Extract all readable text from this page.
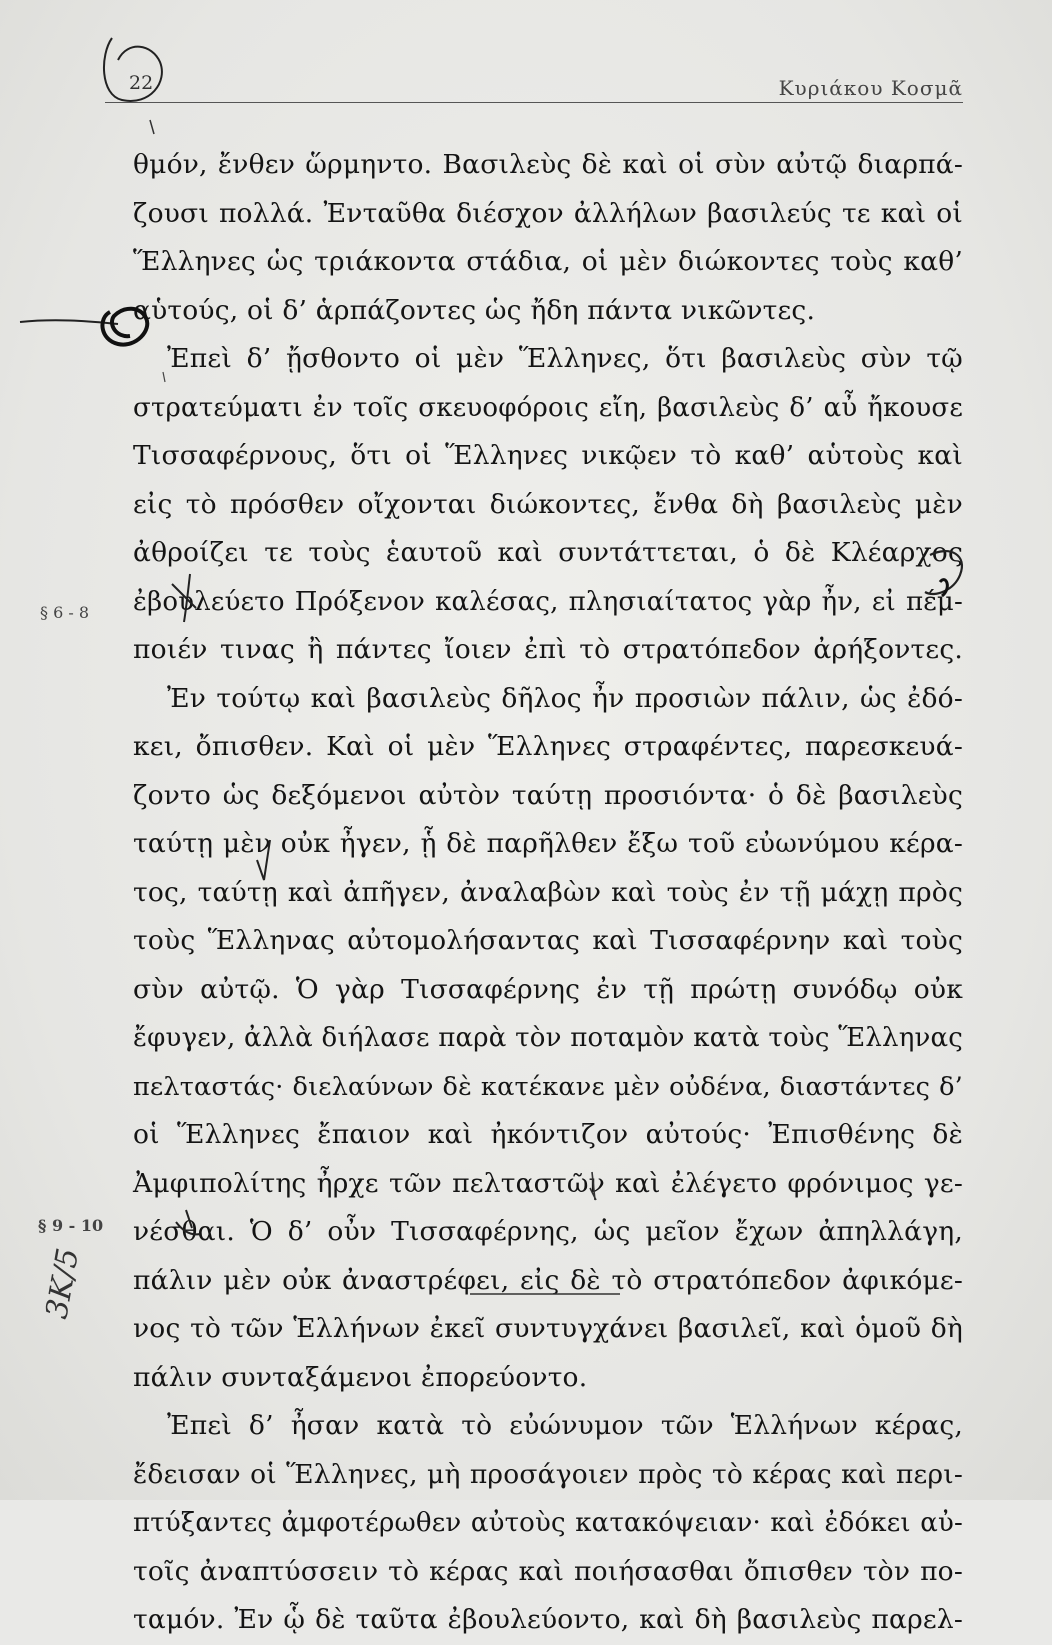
22	Κυριάκου Κοσμᾶ
§ 6 - 8
§ 9 - 10
θμόν, ἔνθεν ὥρμηντο. Βασιλεὺς δὲ καὶ οἱ σὺν αὐτῷ διαρπά-
ζουσι πολλά. Ἐνταῦθα διέσχον ἀλλήλων βασιλεύς τε καὶ οἱ
Ἕλληνες ὡς τριάκοντα στάδια, οἱ μὲν διώκοντες τοὺς καθ’
αὑτούς, οἱ δ’ ἁρπάζοντες ὡς ἤδη πάντα νικῶντες.
Ἐπεὶ δ’ ᾔσθοντο οἱ μὲν Ἕλληνες, ὅτι βασιλεὺς σὺν τῷ
στρατεύματι ἐν τοῖς σκευοφόροις εἴη, βασιλεὺς δ’ αὖ ἤκουσε
Τισσαφέρνους, ὅτι οἱ Ἕλληνες νικῷεν τὸ καθ’ αὑτοὺς καὶ
εἰς τὸ πρόσθεν οἴχονται διώκοντες, ἔνθα δὴ βασιλεὺς μὲν
ἀθροίζει τε τοὺς ἑαυτοῦ καὶ συντάττεται, ὁ δὲ Κλέαρχος
ἐβουλεύετο Πρόξενον καλέσας, πλησιαίτατος γὰρ ἦν, εἰ πέμ-
ποιέν τινας ἢ πάντες ἴοιεν ἐπὶ τὸ στρατόπεδον ἀρήξοντες.
Ἐν τούτῳ καὶ βασιλεὺς δῆλος ἦν προσιὼν πάλιν, ὡς ἐδό-
κει, ὄπισθεν. Καὶ οἱ μὲν Ἕλληνες στραφέντες, παρεσκευά-
ζοντο ὡς δεξόμενοι αὐτὸν ταύτῃ προσιόντα· ὁ δὲ βασιλεὺς
ταύτῃ μὲν οὐκ ἦγεν, ᾗ δὲ παρῆλθεν ἔξω τοῦ εὐωνύμου κέρα-
τος, ταύτῃ καὶ ἀπῆγεν, ἀναλαβὼν καὶ τοὺς ἐν τῇ μάχῃ πρὸς
τοὺς Ἕλληνας αὐτομολήσαντας καὶ Τισσαφέρνην καὶ τοὺς
σὺν αὐτῷ. Ὁ γὰρ Τισσαφέρνης ἐν τῇ πρώτῃ συνόδῳ οὐκ
ἔφυγεν, ἀλλὰ διήλασε παρὰ τὸν ποταμὸν κατὰ τοὺς Ἕλληνας
πελταστάς· διελαύνων δὲ κατέκανε μὲν οὐδένα, διαστάντες δ’
οἱ Ἕλληνες ἔπαιον καὶ ἠκόντιζον αὐτούς· Ἐπισθένης δὲ
Ἀμφιπολίτης ἦρχε τῶν πελταστῶν καὶ ἐλέγετο φρόνιμος γε-
νέσθαι. Ὁ δ’ οὖν Τισσαφέρνης, ὡς μεῖον ἔχων ἀπηλλάγη,
πάλιν μὲν οὐκ ἀναστρέφει, εἰς δὲ τὸ στρατόπεδον ἀφικόμε-
νος τὸ τῶν Ἑλλήνων ἐκεῖ συντυγχάνει βασιλεῖ, καὶ ὁμοῦ δὴ
πάλιν συνταξάμενοι ἐπορεύοντο.
Ἐπεὶ δ’ ἦσαν κατὰ τὸ εὐώνυμον τῶν Ἑλλήνων κέρας,
ἔδεισαν οἱ Ἕλληνες, μὴ προσάγοιεν πρὸς τὸ κέρας καὶ περι-
πτύξαντες ἀμφοτέρωθεν αὐτοὺς κατακόψειαν· καὶ ἐδόκει αὐ-
τοῖς ἀναπτύσσειν τὸ κέρας καὶ ποιήσασθαι ὄπισθεν τὸν πο-
ταμόν. Ἐν ᾧ δὲ ταῦτα ἐβουλεύοντο, καὶ δὴ βασιλεὺς παρελ-
3K/5
